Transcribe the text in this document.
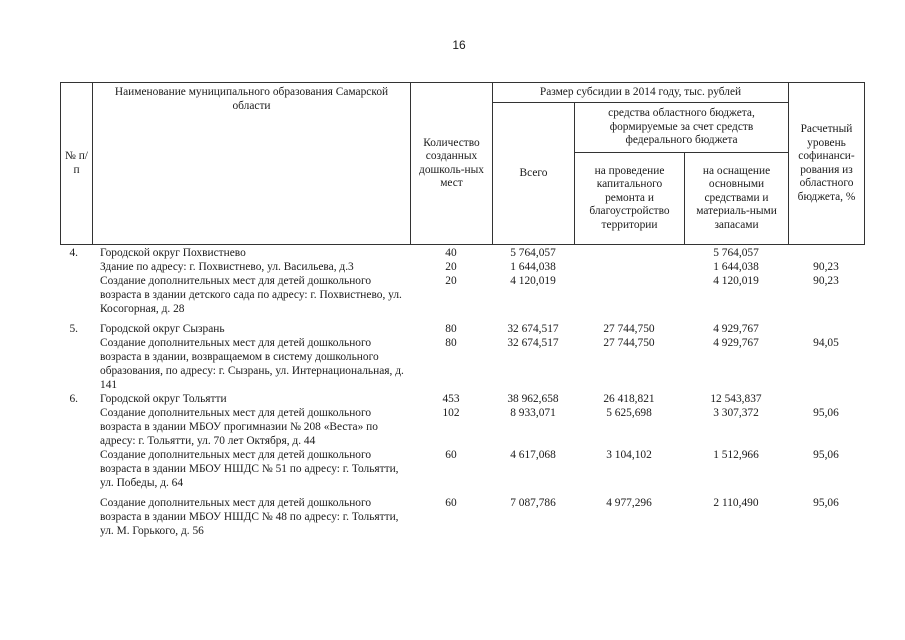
16
№ п/п	Наименование муниципального образования Самарской области	Количество созданных дошколь-ных мест	Размер субсидии в 2014 году, тыс. рублей			Расчетный уровень софинанси-рования из областного бюджета, %
			Всего	средства областного бюджета, формируемые за счет средств федерального бюджета		
				на проведение капитального ремонта и благоустройство территории	на оснащение основными средствами и материаль-ными запасами	
4.	Городской округ Похвистнево	40	5 764,057		5 764,057	
	Здание по адресу: г. Похвистнево, ул. Васильева, д.3	20	1 644,038		1 644,038	90,23
	Создание дополнительных мест для детей дошкольного возраста в здании детского сада по адресу: г. Похвистнево, ул. Косогорная, д. 28	20	4 120,019		4 120,019	90,23

5.	Городской округ Сызрань	80	32 674,517	27 744,750	4 929,767	
	Создание дополнительных мест для детей дошкольного возраста в здании, возвращаемом в систему дошкольного образования, по адресу: г. Сызрань, ул. Интернациональная, д. 141	80	32 674,517	27 744,750	4 929,767	94,05
6.	Городской округ Тольятти	453	38 962,658	26 418,821	12 543,837	
	Создание дополнительных мест для детей дошкольного возраста в здании МБОУ прогимназии № 208 «Веста» по адресу: г. Тольятти, ул. 70 лет Октября, д. 44	102	8 933,071	5 625,698	3 307,372	95,06
	Создание дополнительных мест для детей дошкольного возраста в здании МБОУ НШДС № 51 по адресу: г. Тольятти, ул. Победы, д. 64	60	4 617,068	3 104,102	1 512,966	95,06

	Создание дополнительных мест для детей дошкольного возраста в здании МБОУ НШДС № 48 по адресу: г. Тольятти, ул. М. Горького, д. 56	60	7 087,786	4 977,296	2 110,490	95,06
